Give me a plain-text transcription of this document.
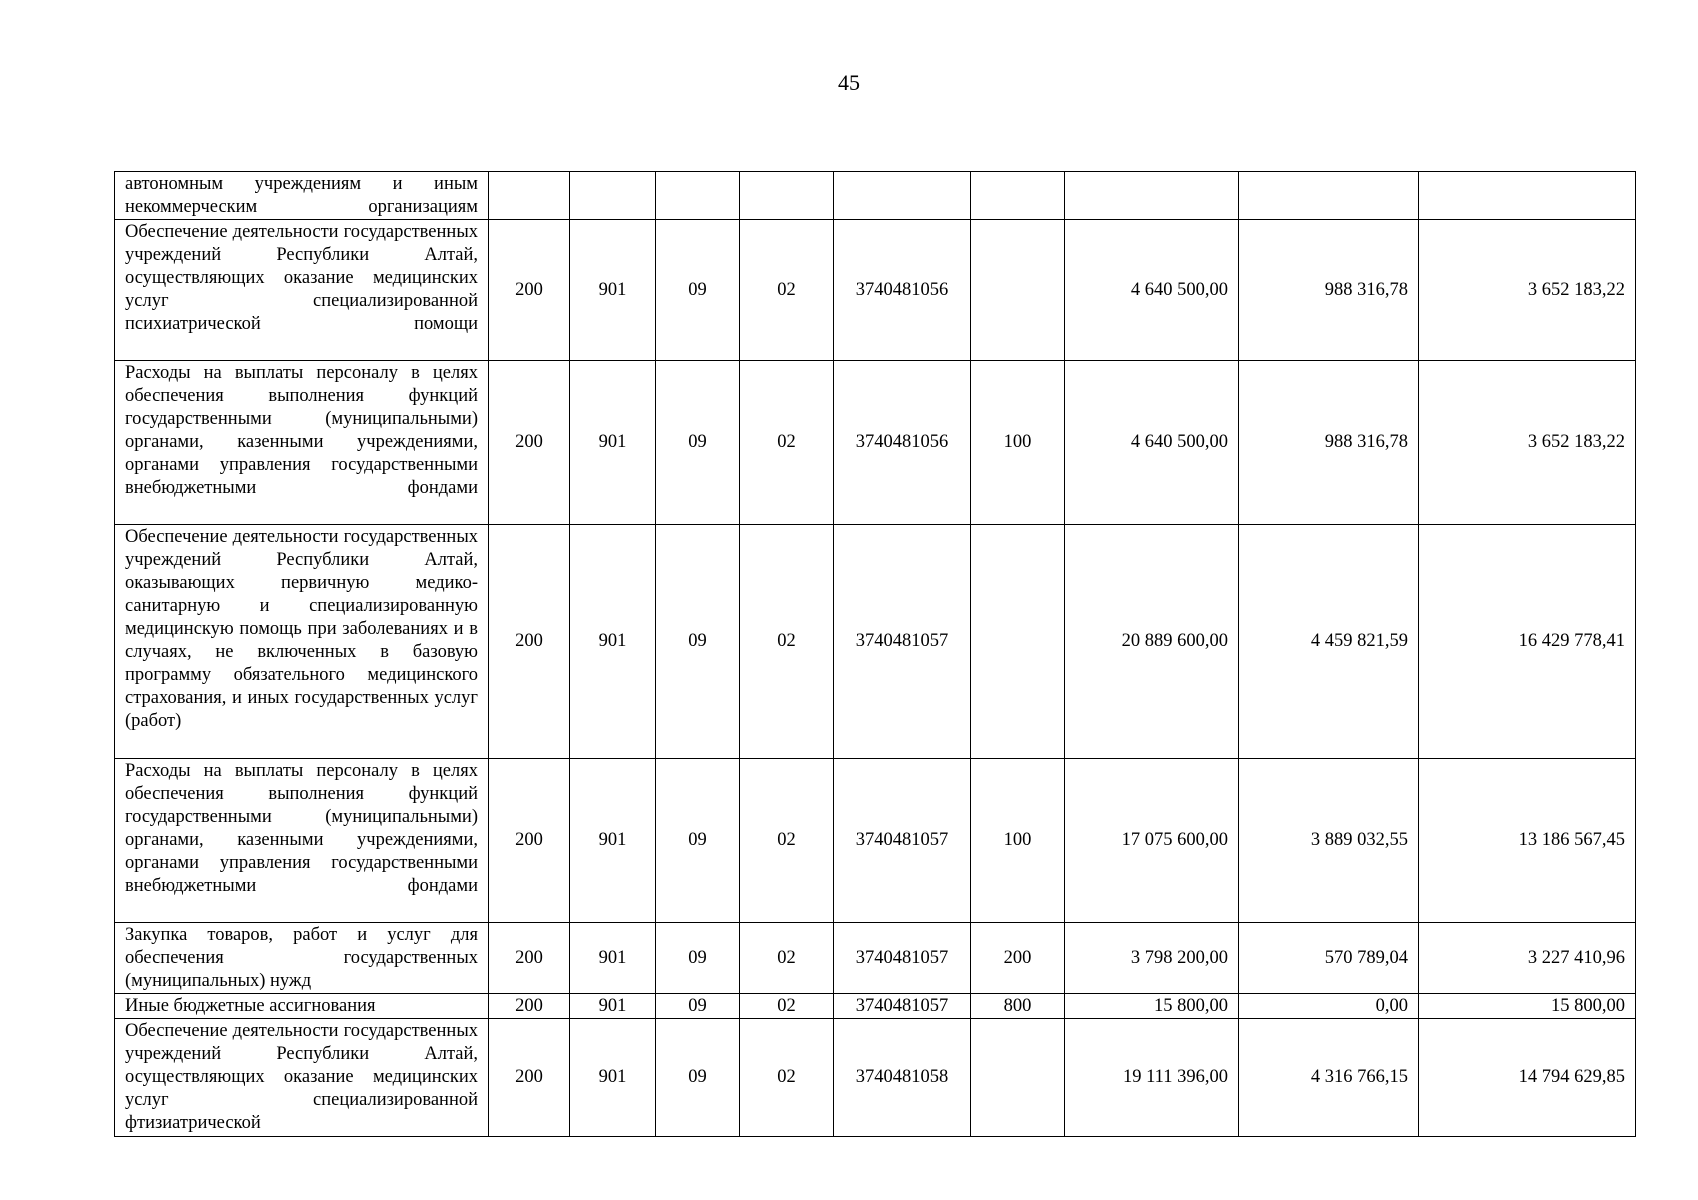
45
автономным учреждениям и иным некоммерческим организациям									
Обеспечение деятельности государственных учреждений Республики Алтай, осуществляющих оказание медицинских услуг специализированной психиатрической помощи	200	901	09	02	3740481056		4 640 500,00	988 316,78	3 652 183,22
Расходы на выплаты персоналу в целях обеспечения выполнения функций государственными (муниципальными) органами, казенными учреждениями, органами управления государственными внебюджетными фондами	200	901	09	02	3740481056	100	4 640 500,00	988 316,78	3 652 183,22
Обеспечение деятельности государственных учреждений Республики Алтай, оказывающих первичную медико-санитарную и специализированную медицинскую помощь при заболеваниях и в случаях, не включенных в базовую программу обязательного медицинского страхования, и иных государственных услуг (работ)	200	901	09	02	3740481057		20 889 600,00	4 459 821,59	16 429 778,41
Расходы на выплаты персоналу в целях обеспечения выполнения функций государственными (муниципальными) органами, казенными учреждениями, органами управления государственными внебюджетными фондами	200	901	09	02	3740481057	100	17 075 600,00	3 889 032,55	13 186 567,45
Закупка товаров, работ и услуг для обеспечения государственных (муниципальных) нужд	200	901	09	02	3740481057	200	3 798 200,00	570 789,04	3 227 410,96
Иные бюджетные ассигнования	200	901	09	02	3740481057	800	15 800,00	0,00	15 800,00
Обеспечение деятельности государственных учреждений Республики Алтай, осуществляющих оказание медицинских услуг специализированной фтизиатрической	200	901	09	02	3740481058		19 111 396,00	4 316 766,15	14 794 629,85
